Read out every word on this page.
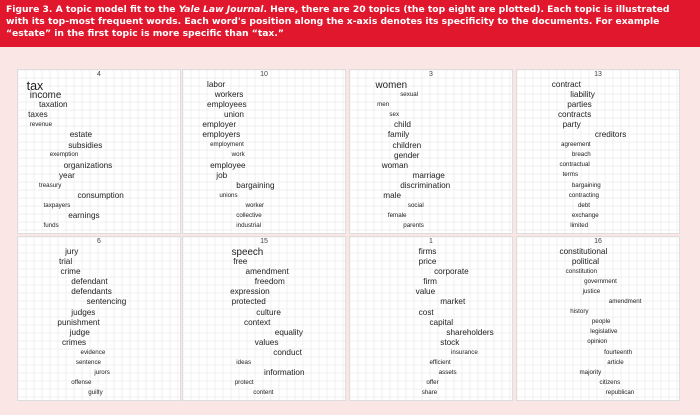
Figure 3. A topic model fit to the Yale Law Journal. Here, there are 20 topics (the top eight are plotted). Each topic is illustrated with its top-most frequent words. Each word's position along the x-axis denotes its specificity to the documents. For example “estate” in the first topic is more specific than “tax.”
4
tax
income
taxation
taxes
revenue
estate
subsidies
exemption
organizations
year
treasury
consumption
taxpayers
earnings
funds
10
labor
workers
employees
union
employer
employers
employment
work
employee
job
bargaining
unions
worker
collective
industrial
3
women
sexual
men
sex
child
family
children
gender
woman
marriage
discrimination
male
social
female
parents
13
contract
liability
parties
contracts
party
creditors
agreement
breach
contractual
terms
bargaining
contracting
debt
exchange
limited
6
jury
trial
crime
defendant
defendants
sentencing
judges
punishment
judge
crimes
evidence
sentence
jurors
offense
guilty
15
speech
free
amendment
freedom
expression
protected
culture
context
equality
values
conduct
ideas
information
protect
content
1
firms
price
corporate
firm
value
market
cost
capital
shareholders
stock
insurance
efficient
assets
offer
share
16
constitutional
political
constitution
government
justice
amendment
history
people
legislative
opinion
fourteenth
article
majority
citizens
republican
